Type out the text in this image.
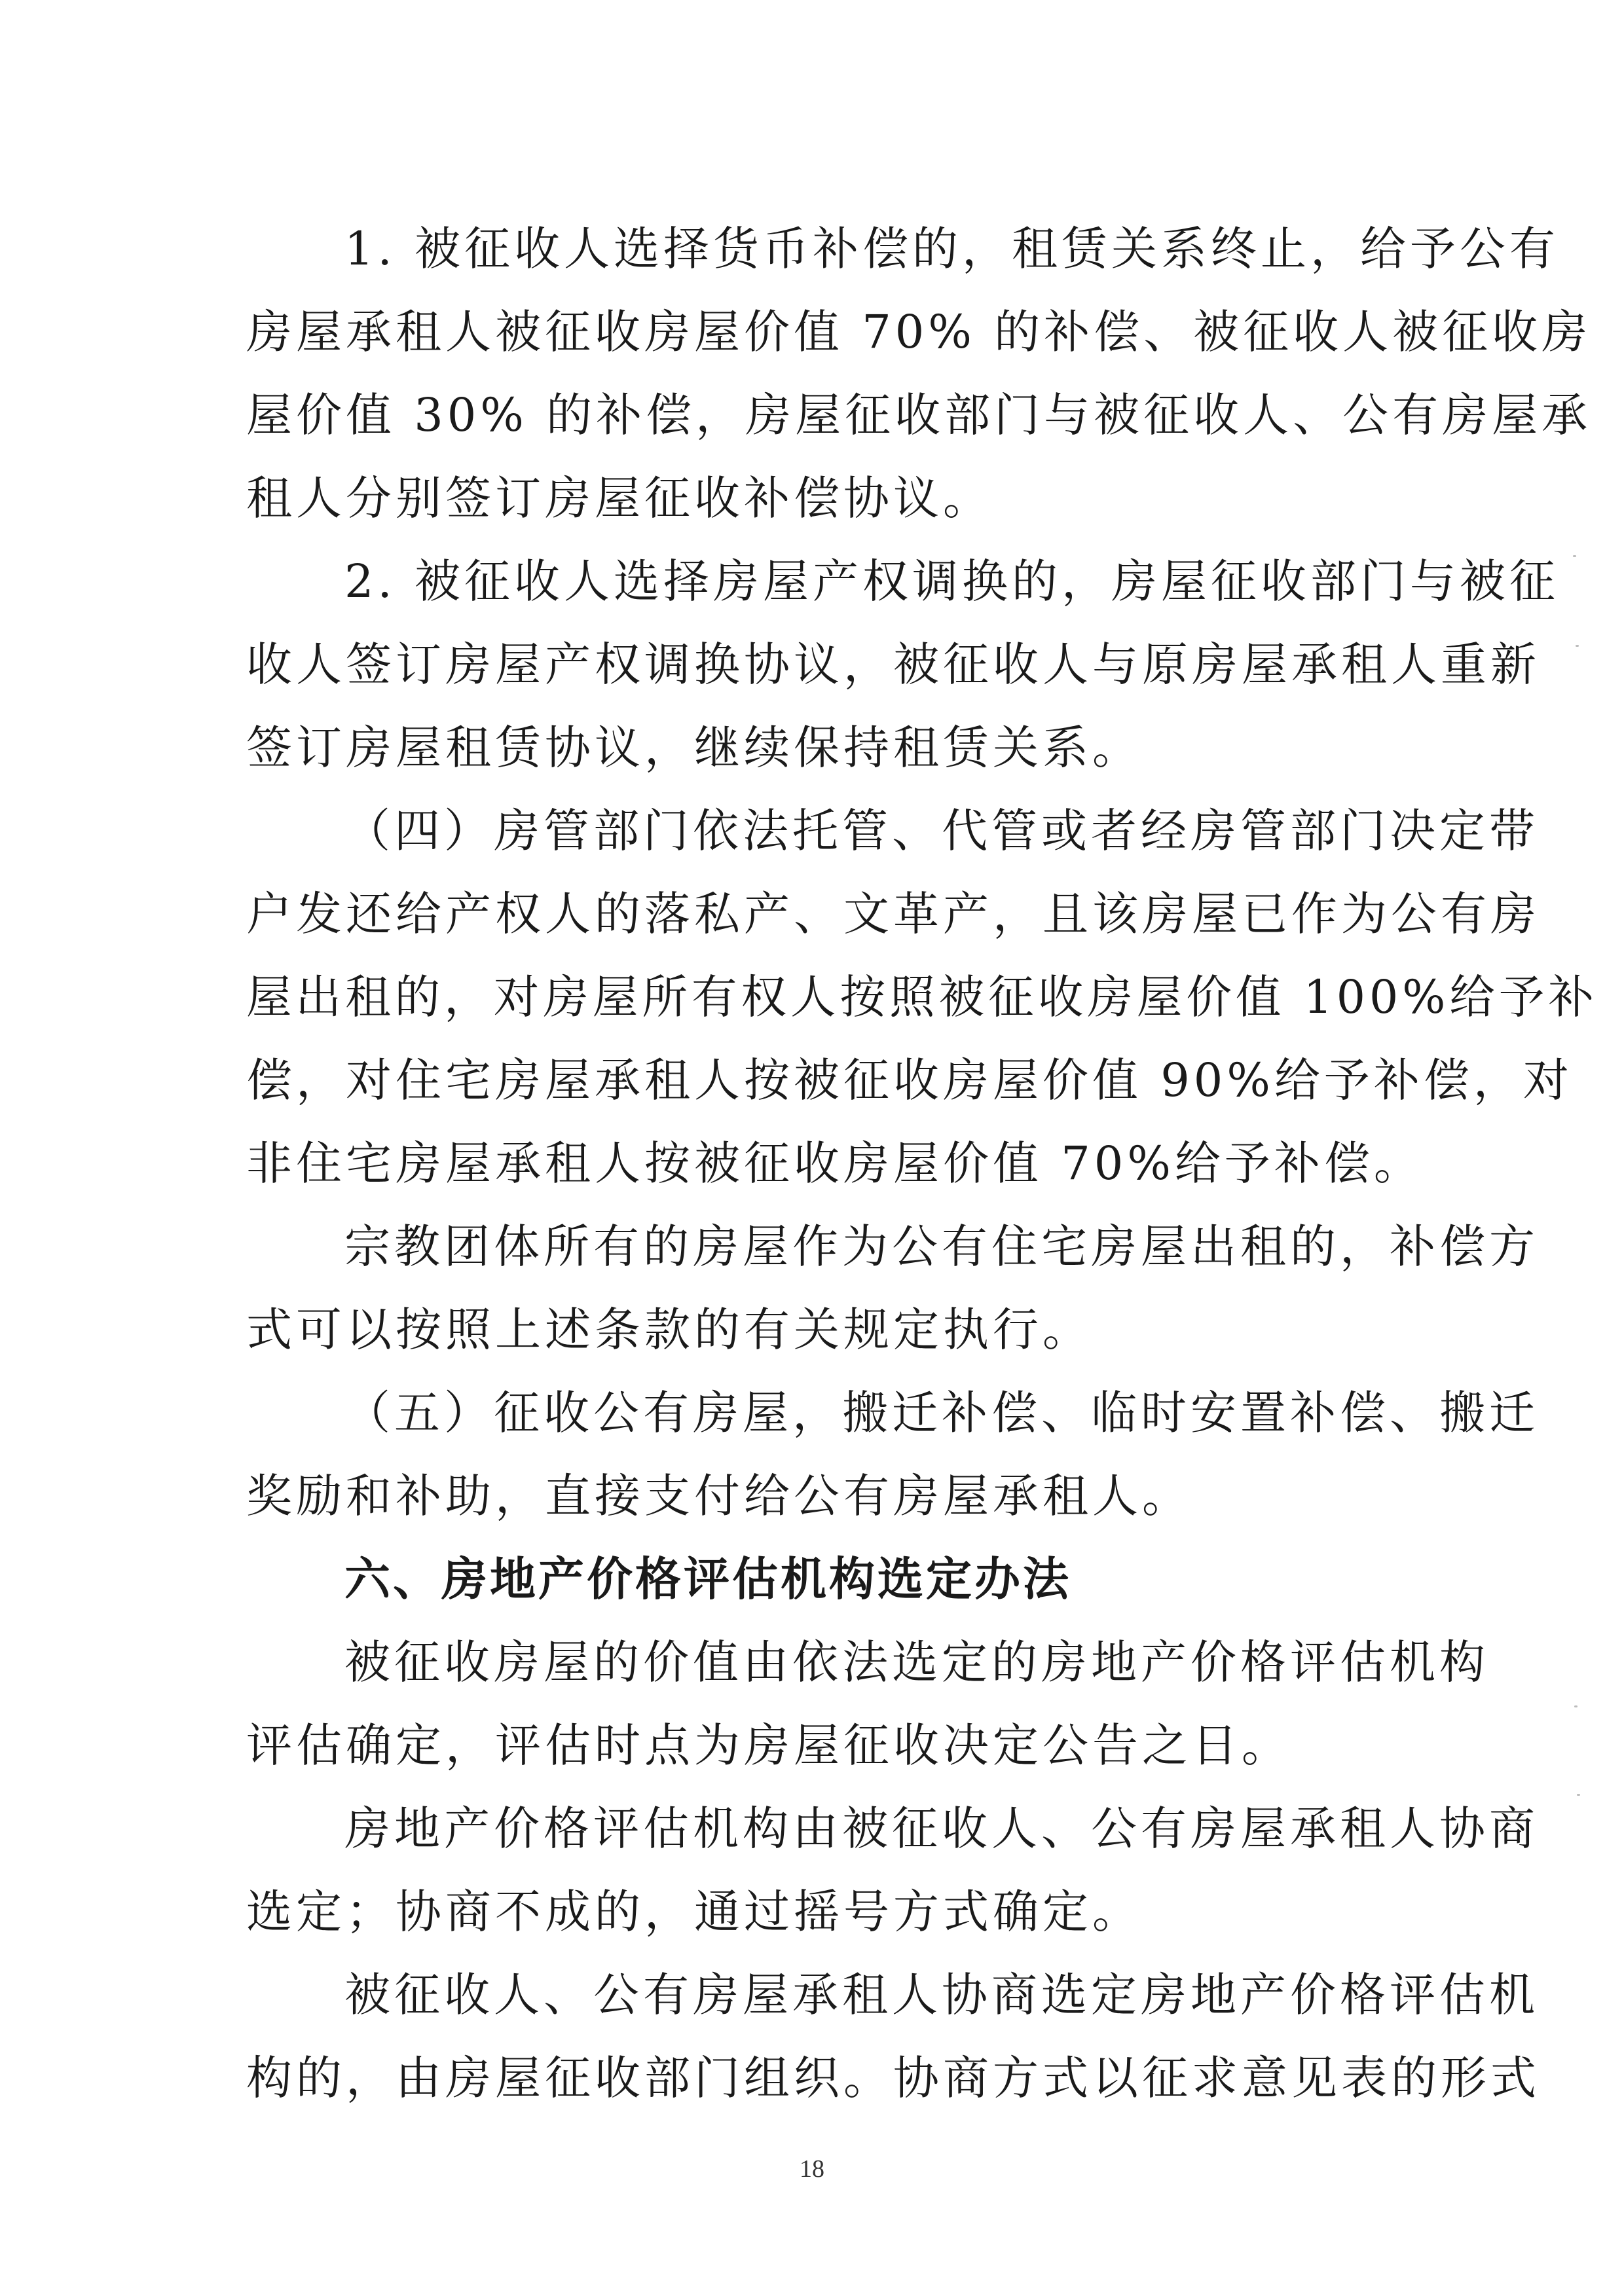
1. 被征收人选择货币补偿的，租赁关系终止，给予公有
房屋承租人被征收房屋价值 70% 的补偿、被征收人被征收房
屋价值 30% 的补偿，房屋征收部门与被征收人、公有房屋承
租人分别签订房屋征收补偿协议。
2. 被征收人选择房屋产权调换的，房屋征收部门与被征
收人签订房屋产权调换协议，被征收人与原房屋承租人重新
签订房屋租赁协议，继续保持租赁关系。
（四）房管部门依法托管、代管或者经房管部门决定带
户发还给产权人的落私产、文革产，且该房屋已作为公有房
屋出租的，对房屋所有权人按照被征收房屋价值 100%给予补
偿，对住宅房屋承租人按被征收房屋价值 90%给予补偿，对
非住宅房屋承租人按被征收房屋价值 70%给予补偿。
宗教团体所有的房屋作为公有住宅房屋出租的，补偿方
式可以按照上述条款的有关规定执行。
（五）征收公有房屋，搬迁补偿、临时安置补偿、搬迁
奖励和补助，直接支付给公有房屋承租人。
六、房地产价格评估机构选定办法
被征收房屋的价值由依法选定的房地产价格评估机构
评估确定，评估时点为房屋征收决定公告之日。
房地产价格评估机构由被征收人、公有房屋承租人协商
选定；协商不成的，通过摇号方式确定。
被征收人、公有房屋承租人协商选定房地产价格评估机
构的，由房屋征收部门组织。协商方式以征求意见表的形式
18
